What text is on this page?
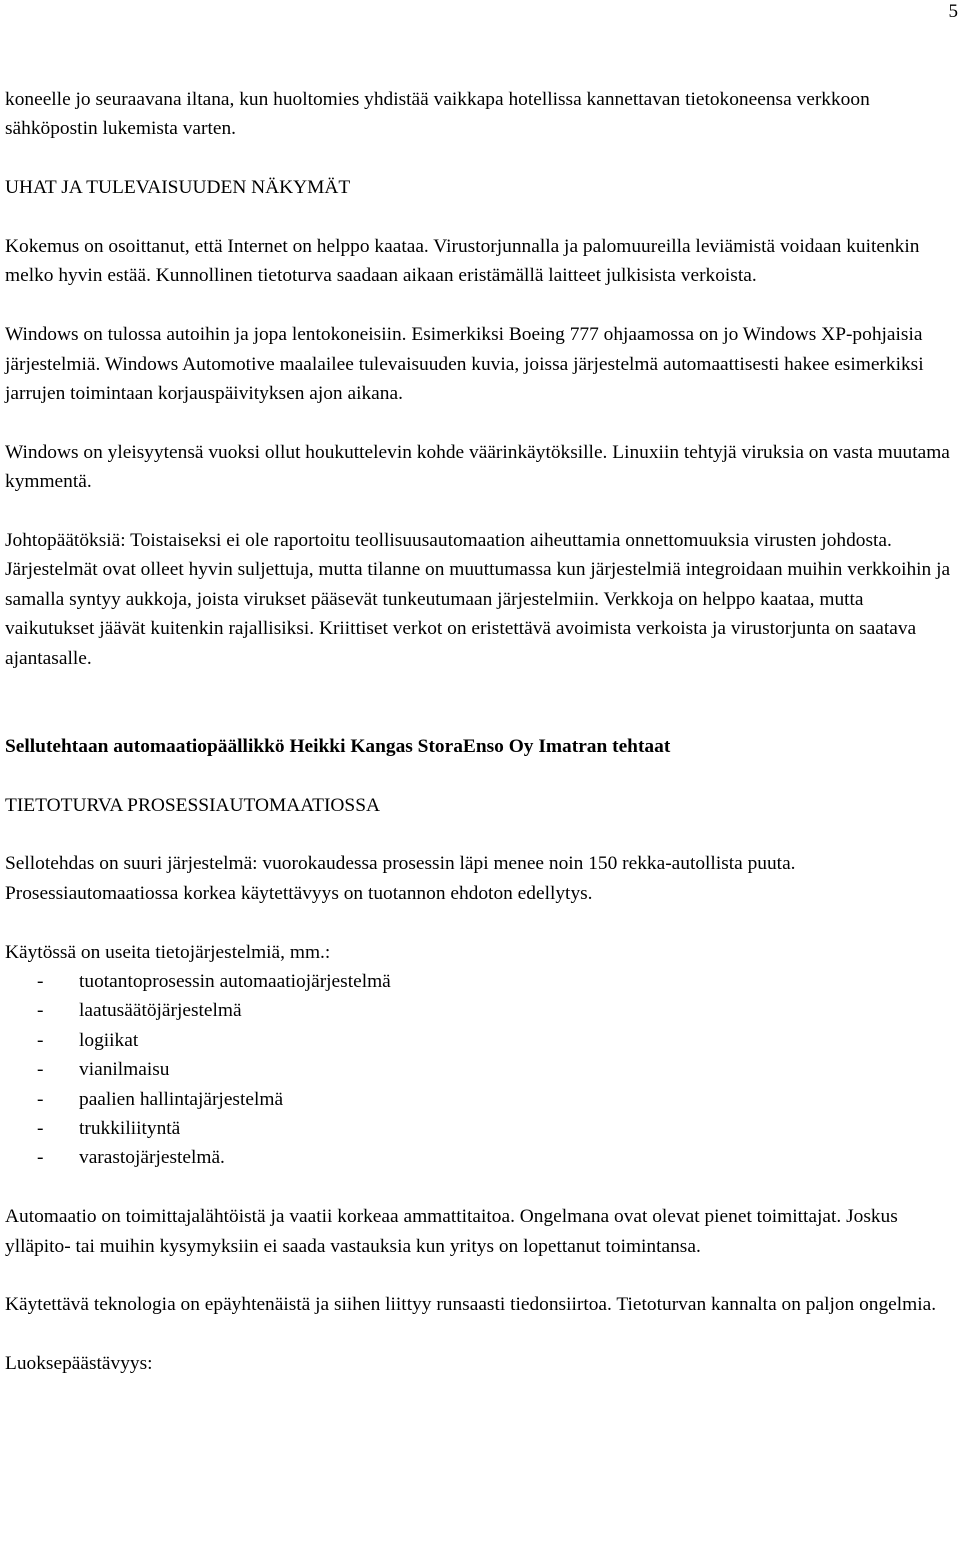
5

koneelle jo seuraavana iltana, kun huoltomies yhdistää vaikkapa hotellissa kannettavan tietokoneensa verkkoon sähköpostin lukemista varten.

UHAT JA TULEVAISUUDEN NÄKYMÄT

Kokemus on osoittanut, että Internet on helppo kaataa. Virustorjunnalla ja palomuureilla leviämistä voidaan kuitenkin melko hyvin estää. Kunnollinen tietoturva saadaan aikaan eristämällä laitteet julkisista verkoista.

Windows on tulossa autoihin ja jopa lentokoneisiin. Esimerkiksi Boeing 777 ohjaamossa on jo Windows XP-pohjaisia järjestelmiä. Windows Automotive maalailee tulevaisuuden kuvia, joissa järjestelmä automaattisesti hakee esimerkiksi jarrujen toimintaan korjauspäivityksen ajon aikana.

Windows on yleisyytensä vuoksi ollut houkuttelevin kohde väärinkäytöksille. Linuxiin tehtyjä viruksia on vasta muutama kymmentä.

Johtopäätöksiä: Toistaiseksi ei ole raportoitu teollisuusautomaation aiheuttamia onnettomuuksia virusten johdosta. Järjestelmät ovat olleet hyvin suljettuja, mutta tilanne on muuttumassa kun järjestelmiä integroidaan muihin verkkoihin ja samalla syntyy aukkoja, joista virukset pääsevät tunkeutumaan järjestelmiin. Verkkoja on helppo kaataa, mutta vaikutukset jäävät kuitenkin rajallisiksi. Kriittiset verkot on eristettävä avoimista verkoista ja virustorjunta on saatava ajantasalle.

Sellutehtaan automaatiopäällikkö Heikki Kangas StoraEnso Oy Imatran tehtaat

TIETOTURVA PROSESSIAUTOMAATIOSSA

Sellotehdas on suuri järjestelmä: vuorokaudessa prosessin läpi menee noin 150 rekka-autollista puuta. Prosessiautomaatiossa korkea käytettävyys on tuotannon ehdoton edellytys.

Käytössä on useita tietojärjestelmiä, mm.:

- tuotantoprosessin automaatiojärjestelmä
- laatusäätöjärjestelmä
- logiikat
- vianilmaisu
- paalien hallintajärjestelmä
- trukkiliityntä
- varastojärjestelmä.

Automaatio on toimittajalähtöistä ja vaatii korkeaa ammattitaitoa. Ongelmana ovat olevat pienet toimittajat. Joskus ylläpito- tai muihin kysymyksiin ei saada vastauksia kun yritys on lopettanut toimintansa.

Käytettävä teknologia on epäyhtenäistä ja siihen liittyy runsaasti tiedonsiirtoa. Tietoturvan kannalta on paljon ongelmia.

Luoksepäästävyys:
